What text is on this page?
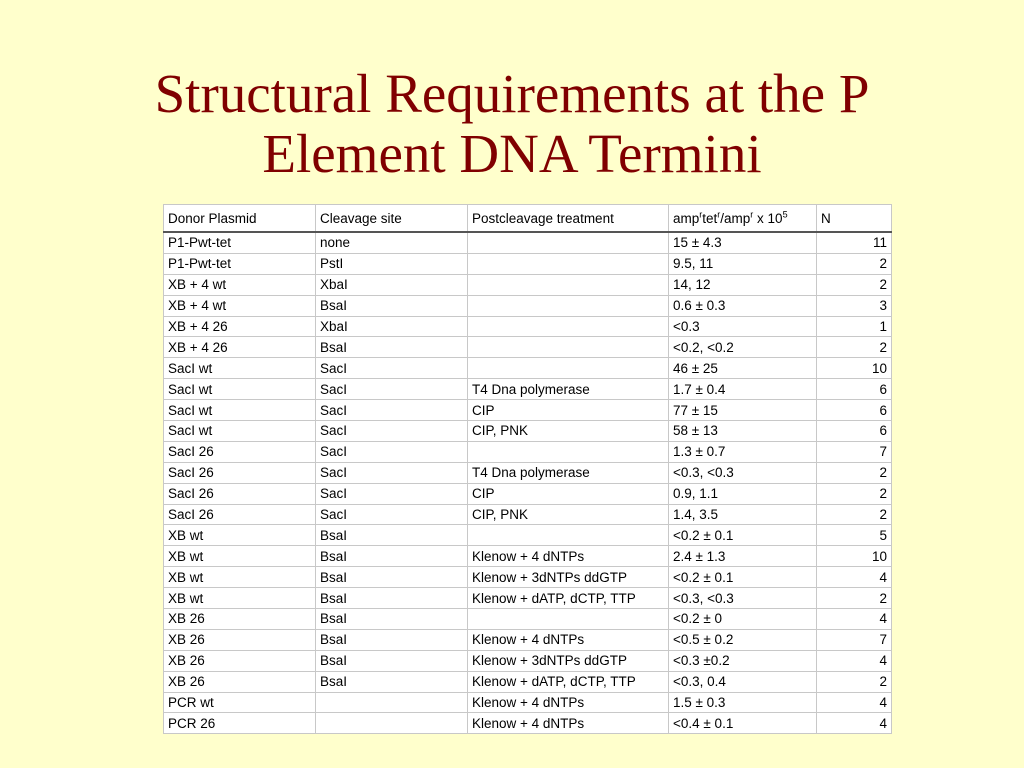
Structural Requirements at the P
Element DNA Termini
Donor Plasmid	Cleavage site	Postcleavage treatment	amp$^r$tet$^r$/amp$^r$ x $10^5$	N
P1-Pwt-tet	none		15 ± 4.3	11
P1-Pwt-tet	PstI		9.5, 11	2
XB + 4 wt	XbaI		14, 12	2
XB + 4 wt	BsaI		0.6 ± 0.3	3
XB + 4 26	XbaI		<0.3	1
XB + 4 26	BsaI		<0.2, <0.2	2
SacI wt	SacI		46 ± 25	10
SacI wt	SacI	T4 Dna polymerase	1.7 ± 0.4	6
SacI wt	SacI	CIP	77 ± 15	6
SacI wt	SacI	CIP, PNK	58 ± 13	6
SacI 26	SacI		1.3 ± 0.7	7
SacI 26	SacI	T4 Dna polymerase	<0.3, <0.3	2
SacI 26	SacI	CIP	0.9, 1.1	2
SacI 26	SacI	CIP, PNK	1.4, 3.5	2
XB wt	BsaI		<0.2 ± 0.1	5
XB wt	BsaI	Klenow + 4 dNTPs	2.4 ± 1.3	10
XB wt	BsaI	Klenow + 3dNTPs ddGTP	<0.2 ± 0.1	4
XB wt	BsaI	Klenow + dATP, dCTP, TTP	<0.3, <0.3	2
XB 26	BsaI		<0.2 ± 0	4
XB 26	BsaI	Klenow + 4 dNTPs	<0.5 ± 0.2	7
XB 26	BsaI	Klenow + 3dNTPs ddGTP	<0.3 ±0.2	4
XB 26	BsaI	Klenow + dATP, dCTP, TTP	<0.3, 0.4	2
PCR wt		Klenow + 4 dNTPs	1.5 ± 0.3	4
PCR 26		Klenow + 4 dNTPs	<0.4 ± 0.1	4
